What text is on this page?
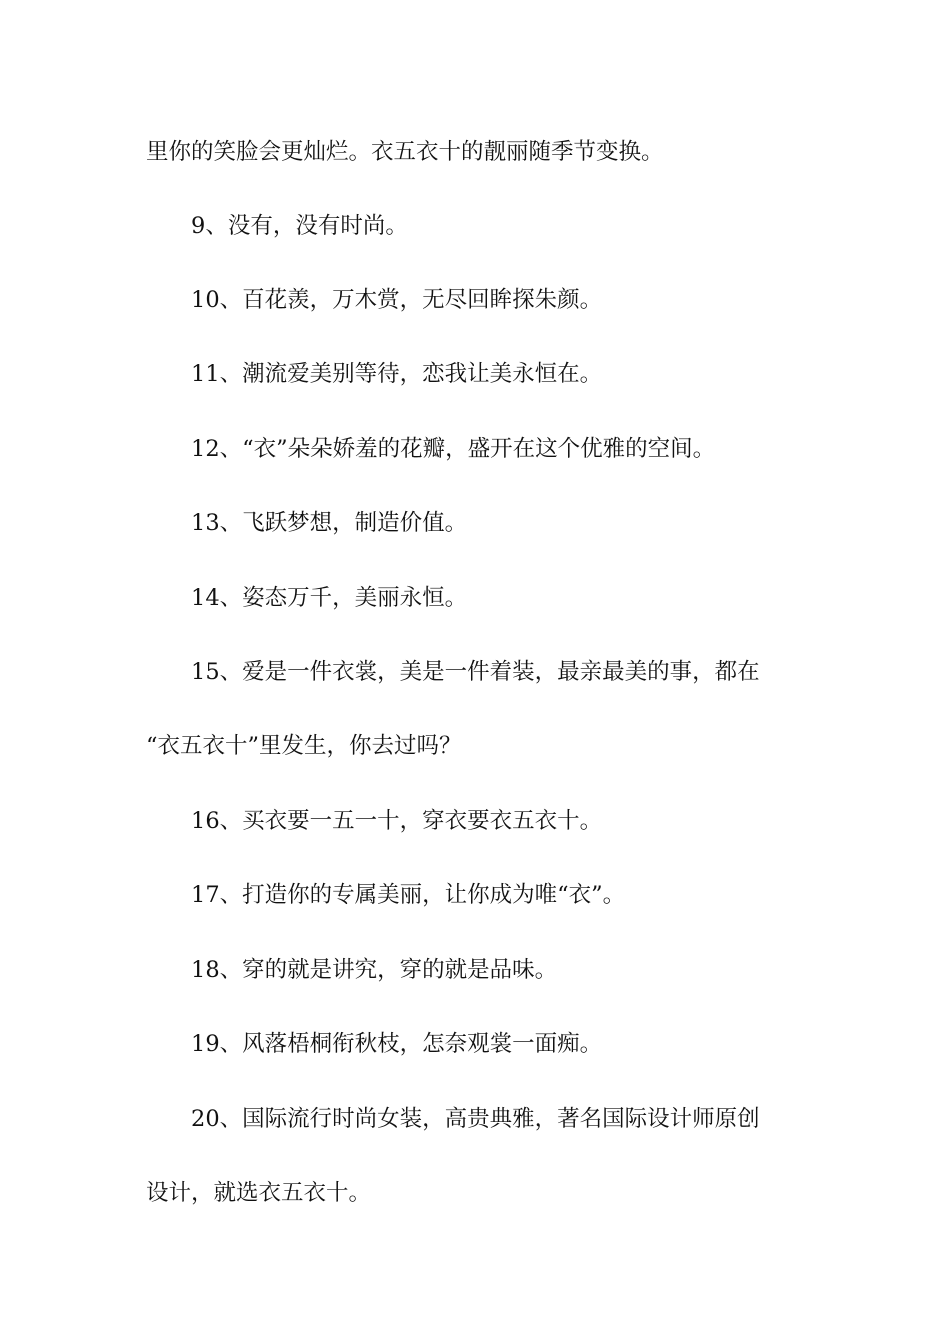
里你的笑脸会更灿烂。衣五衣十的靓丽随季节变换。
9、没有，没有时尚。
10、百花羡，万木赏，无尽回眸探朱颜。
11、潮流爱美别等待，恋我让美永恒在。
12、“衣”朵朵娇羞的花瓣，盛开在这个优雅的空间。
13、飞跃梦想，制造价值。
14、姿态万千，美丽永恒。
15、爱是一件衣裳，美是一件着装，最亲最美的事，都在
“衣五衣十”里发生，你去过吗？
16、买衣要一五一十，穿衣要衣五衣十。
17、打造你的专属美丽，让你成为唯“衣”。
18、穿的就是讲究，穿的就是品味。
19、风落梧桐衔秋枝，怎奈观裳一面痴。
20、国际流行时尚女装，高贵典雅，著名国际设计师原创
设计，就选衣五衣十。
